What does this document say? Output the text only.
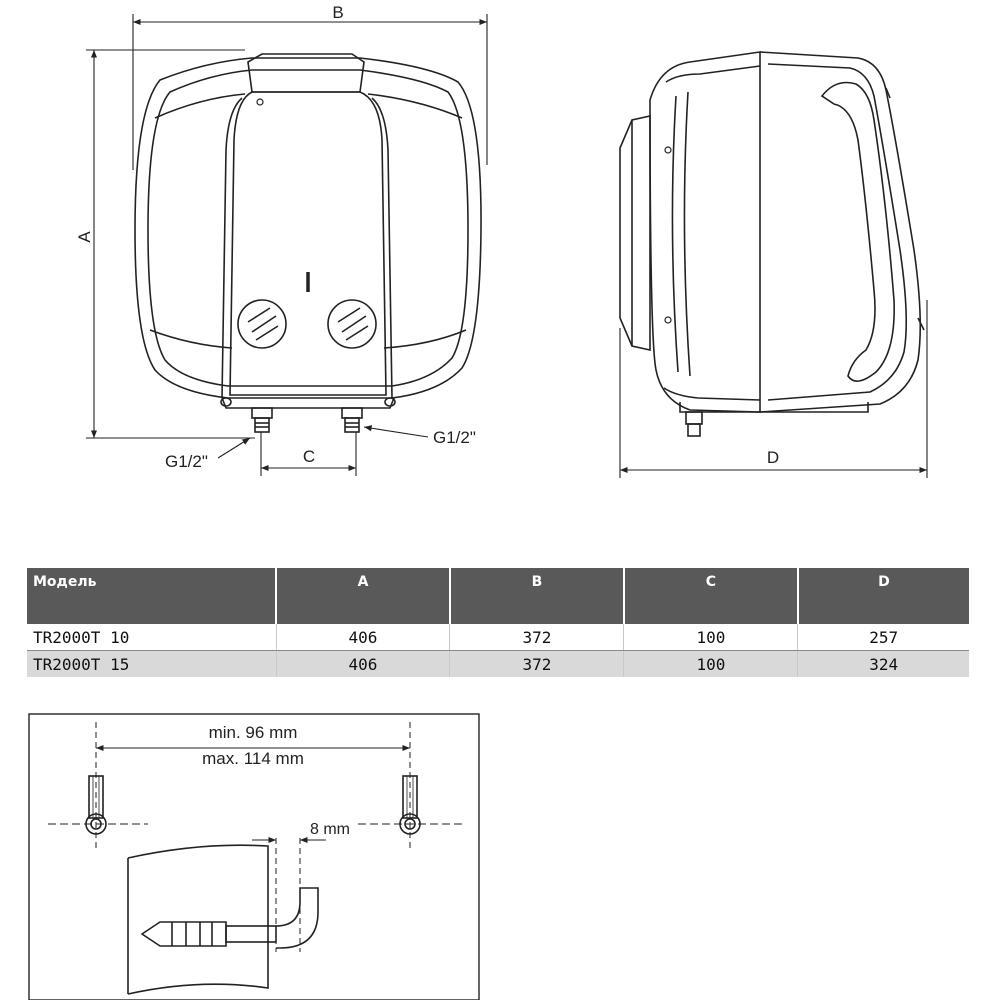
B
A
C
G1/2"
G1/2"
D
min. 96 mm
max. 114 mm
8 mm
Модель	A	B	C	D
TR2000T 10	406	372	100	257
TR2000T 15	406	372	100	324
